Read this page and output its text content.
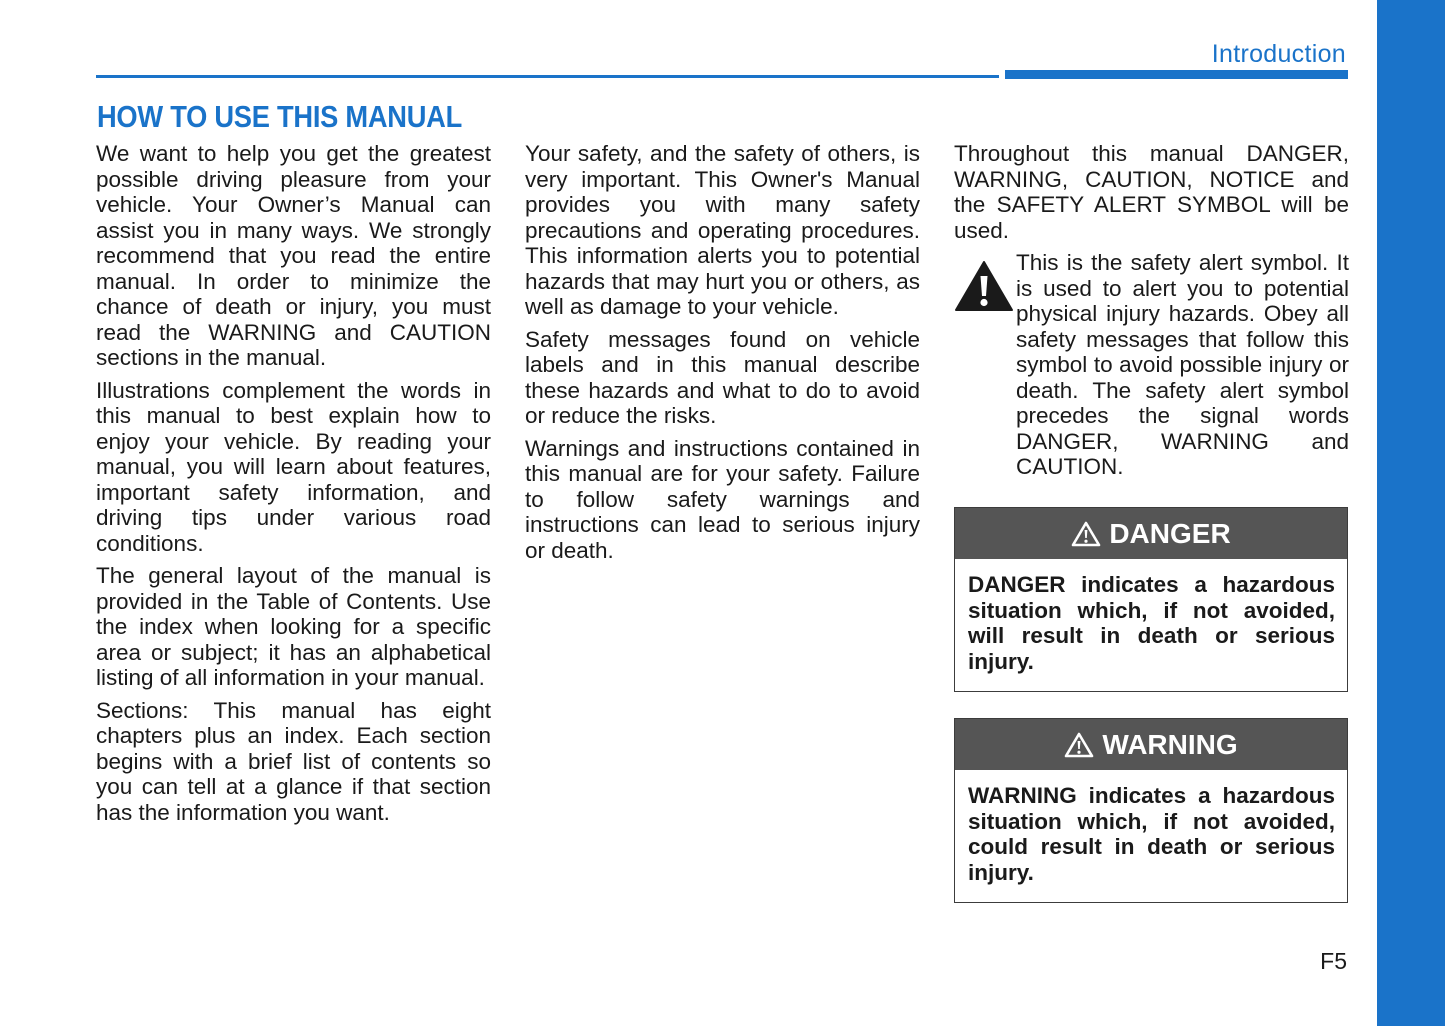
Introduction
HOW TO USE THIS MANUAL

We want to help you get the greatest possible driving pleasure from your vehicle. Your Owner’s Manual can assist you in many ways. We strongly recommend that you read the entire manual. In order to minimize the chance of death or injury, you must read the WARNING and CAUTION sections in the manual.

Illustrations complement the words in this manual to best explain how to enjoy your vehicle. By reading your manual, you will learn about features, important safety information, and driving tips under various road conditions.

The general layout of the manual is provided in the Table of Contents. Use the index when looking for a specific area or subject; it has an alphabetical listing of all information in your manual.

Sections: This manual has eight chapters plus an index. Each section begins with a brief list of contents so you can tell at a glance if that section has the information you want.

Your safety, and the safety of others, is very important. This Owner's Manual provides you with many safety precautions and operating procedures. This information alerts you to potential hazards that may hurt you or others, as well as damage to your vehicle.

Safety messages found on vehicle labels and in this manual describe these hazards and what to do to avoid or reduce the risks.

Warnings and instructions contained in this manual are for your safety. Failure to follow safety warnings and instructions can lead to serious injury or death.

Throughout this manual DANGER, WARNING, CAUTION, NOTICE and the SAFETY ALERT SYMBOL will be used.

This is the safety alert symbol. It is used to alert you to potential physical injury hazards. Obey all safety messages that follow this symbol to avoid possible injury or death. The safety alert symbol precedes the signal words DANGER, WARNING and CAUTION.

DANGER

DANGER indicates a hazardous situation which, if not avoided, will result in death or serious injury.

WARNING

WARNING indicates a hazardous situation which, if not avoided, could result in death or serious injury.

F5
